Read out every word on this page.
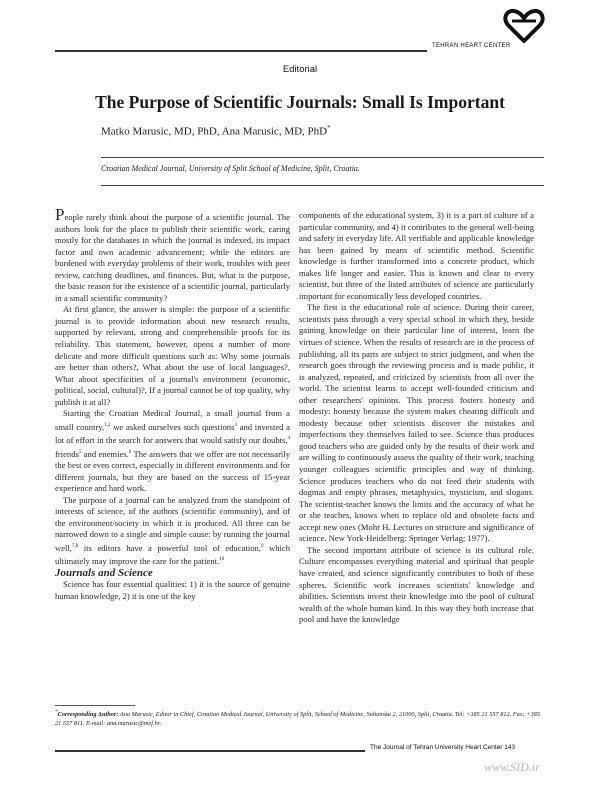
TEHRAN HEART CENTER
Editorial
The Purpose of Scientific Journals: Small Is Important
Matko Marusic, MD, PhD, Ana Marusic, MD, PhD*
Croatian Medical Journal, University of Split School of Medicine, Split, Croatia.

People rarely think about the purpose of a scientific journal. The authors look for the place to publish their scientific work, caring mostly for the databases in which the journal is indexed, its impact factor and own academic advancement; while the editors are burdened with everyday problems of their work, troubles with peer review, catching deadlines, and finances. But, what is the purpose, the basic reason for the existence of a scientific journal, particularly in a small scientific community?

At first glance, the answer is simple: the purpose of a scientific journal is to provide information about new research results, supported by relevant, strong and comprehensible proofs for its reliability. This statement, however, opens a number of more delicate and more difficult questions such as: Why some journals are better than others?, What about the use of local languages?, What about specificities of a journal's environment (economic, political, social, cultural)?, If a journal cannot be of top quality, why publish it at all?

Starting the Croatian Medical Journal, a small journal from a small country,$^{1,2}$ we asked ourselves such questions$^3$ and invested a lot of effort in the search for answers that would satisfy our doubts,$^4$ friends$^5$ and enemies.$^6$ The answers that we offer are not necessarily the best or even correct, especially in different environments and for different journals, but they are based on the success of 15-year experience and hard work.

The purpose of a journal can be analyzed from the standpoint of interests of science, of the authors (scientific community), and of the environment/society in which it is produced. All three can be narrowed down to a single and simple cause: by running the journal well,$^{7,8}$ its editors have a powerful tool of education,$^9$ which ultimately may improve the care for the patient.$^{10}$

Journals and Science

Science has four essential qualities: 1) it is the source of genuine human knowledge, 2) it is one of the key

components of the educational system, 3) it is a part of culture of a particular community, and 4) it contributes to the general well-being and safety in everyday life. All verifiable and applicable knowledge has been gained by means of scientific method. Scientific knowledge is further transformed into a concrete product, which makes life longer and easier. This is known and clear to every scientist, but three of the listed attributes of science are particularly important for economically less developed countries.

The first is the educational role of science. During their career, scientists pass through a very special school in which they, beside gaining knowledge on their particular line of interest, learn the virtues of science. When the results of research are in the process of publishing, all its parts are subject to strict judgment, and when the research goes through the reviewing process and is made public, it is analyzed, repeated, and criticized by scientists from all over the world. The scientist learns to accept well-founded criticism and other researchers' opinions. This process fosters honesty and modesty: honesty because the system makes cheating difficult and modesty because other scientists discover the mistakes and imperfections they themselves failed to see. Science thus produces good teachers who are guided only by the results of their work and are willing to continuously assess the quality of their work, teaching younger colleagues scientific principles and way of thinking. Science produces teachers who do not feed their students with dogmas and empty phrases, metaphysics, mysticism, and slogans. The scientist-teacher knows the limits and the accuracy of what he or she teaches, knows when to replace old and obsolete facts and accept new ones (Mohr H. Lectures on structure and significance of science. New York-Heidelberg: Springer Verlag; 1977).

The second important attribute of science is its cultural role. Culture encompasses everything material and spiritual that people have created, and science significantly contributes to both of these spheres. Scientific work increases scientists' knowledge and abilities. Scientists invest their knowledge into the pool of cultural wealth of the whole human kind. In this way they both increase that pool and have the knowledge

*Corresponding Author: Ana Marusic, Editor in Chief, Croatian Medical Journal, University of Split, School of Medicine, Soltanska 2, 21000, Split, Croatia. Tel: +385 21 557 812. Fax: +385 21 557 811. E-mail: ana.marusic@mef.hr.
The Journal of Tehran University Heart Center 143
www.SID.ir
